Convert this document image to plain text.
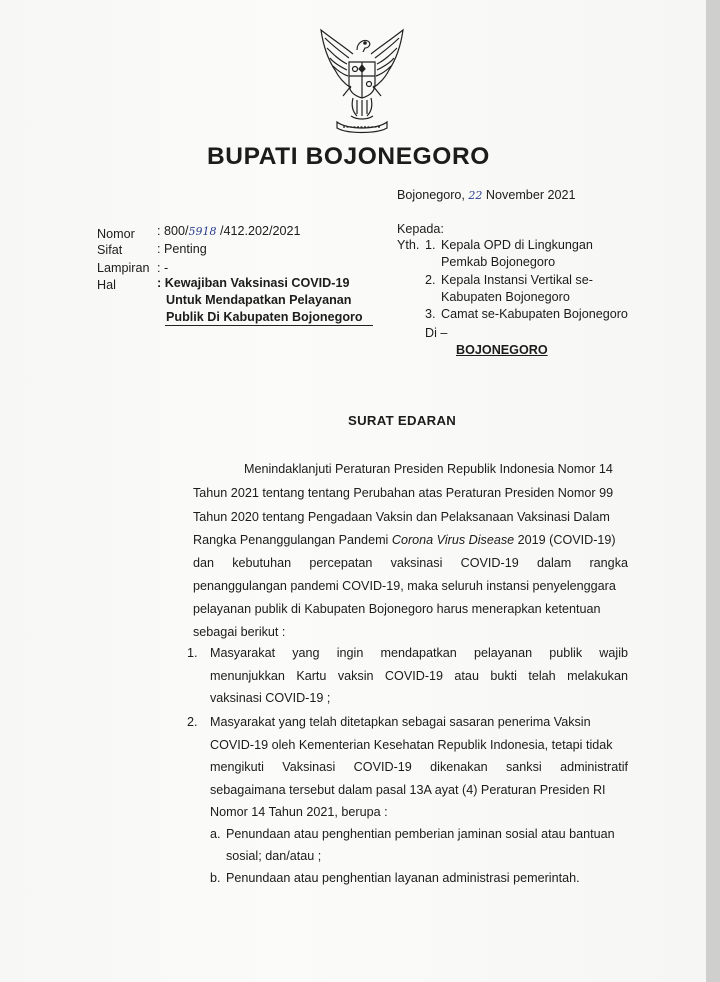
BUPATI BOJONEGORO
Bojonegoro, 22 November 2021
Nomor : 800/5918 /412.202/2021
Sifat	: Penting
Lampiran : -
Hal	: Kewajiban Vaksinasi COVID-19
Untuk Mendapatkan Pelayanan
Publik Di Kabupaten Bojonegoro
Kepada:
Yth. 1. Kepala OPD di Lingkungan
Pemkab Bojonegoro
2. Kepala Instansi Vertikal se-
Kabupaten Bojonegoro
3. Camat se-Kabupaten Bojonegoro
Di –
BOJONEGORO
SURAT EDARAN
Menindaklanjuti Peraturan Presiden Republik Indonesia Nomor 14
Tahun 2021 tentang tentang Perubahan atas Peraturan Presiden Nomor 99
Tahun 2020 tentang Pengadaan Vaksin dan Pelaksanaan Vaksinasi Dalam
Rangka Penanggulangan Pandemi Corona Virus Disease 2019 (COVID-19)
dan kebutuhan percepatan vaksinasi COVID-19 dalam rangka
penanggulangan pandemi COVID-19, maka seluruh instansi penyelenggara
pelayanan publik di Kabupaten Bojonegoro harus menerapkan ketentuan
sebagai berikut :
1. Masyarakat yang ingin mendapatkan pelayanan publik wajib
menunjukkan Kartu vaksin COVID-19 atau bukti telah melakukan
vaksinasi COVID-19 ;
2. Masyarakat yang telah ditetapkan sebagai sasaran penerima Vaksin
COVID-19 oleh Kementerian Kesehatan Republik Indonesia, tetapi tidak
mengikuti Vaksinasi COVID-19 dikenakan sanksi administratif
sebagaimana tersebut dalam pasal 13A ayat (4) Peraturan Presiden RI
Nomor 14 Tahun 2021, berupa :
a. Penundaan atau penghentian pemberian jaminan sosial atau bantuan
sosial; dan/atau ;
b. Penundaan atau penghentian layanan administrasi pemerintah.
